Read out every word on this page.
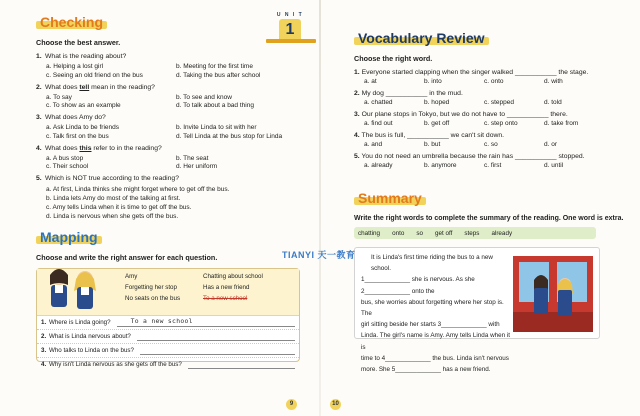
Checking
Choose the best answer.
1. What is the reading about?
a. Helping a lost girl	b. Meeting for the first time
c. Seeing an old friend on the bus	d. Taking the bus after school
2. What does tell mean in the reading?
a. To say	b. To see and know
c. To show as an example	d. To talk about a bad thing
3. What does Amy do?
a. Ask Linda to be friends	b. Invite Linda to sit with her
c. Talk first on the bus	d. Tell Linda at the bus stop for Linda
4. What does this refer to in the reading?
a. A bus stop	b. The seat
c. Their school	d. Her uniform
5. Which is NOT true according to the reading?
a. At first, Linda thinks she might forget where to get off the bus.
b. Linda lets Amy do most of the talking at first.
c. Amy tells Linda when it is time to get off the bus.
d. Linda is nervous when she gets off the bus.
Mapping
Choose and write the right answer for each question.
Amy	Chatting about school
Forgetting her stop	Has a new friend
No seats on the bus	To a new school
1. Where is Linda going?	To a new school
2. What is Linda nervous about?
3. Who talks to Linda on the bus?
4. Why isn't Linda nervous as she gets off the bus?
U N I T
1	Vocabulary Review
Choose the right word.
1. Everyone started clapping when the singer walked ___________ the stage.
a. at	b. into	c. onto	d. with
2. My dog ___________ in the mud.
a. chatted	b. hoped	c. stepped	d. told
3. Our plane stops in Tokyo, but we do not have to ___________ there.
a. find out	b. get off	c. step onto	d. take from
4. The bus is full, ___________ we can't sit down.
a. and	b. but	c. so	d. or
5. You do not need an umbrella because the rain has ___________ stopped.
a. already	b. anymore	c. first	d. until
Summary
Write the right words to complete the summary of the reading. One word is extra.
chatting onto so get off steps already
It is Linda's first time riding the bus to a new school.
1_____________ she is nervous. As she 2_____________ onto the
bus, she worries about forgetting where her stop is. The
girl sitting beside her starts 3_____________ with
Linda. The girl's name is Amy. Amy tells Linda when it is
time to 4_____________ the bus. Linda isn't nervous
more. She 5_____________ has a new friend.
TIANYI 天一教育
9	10
